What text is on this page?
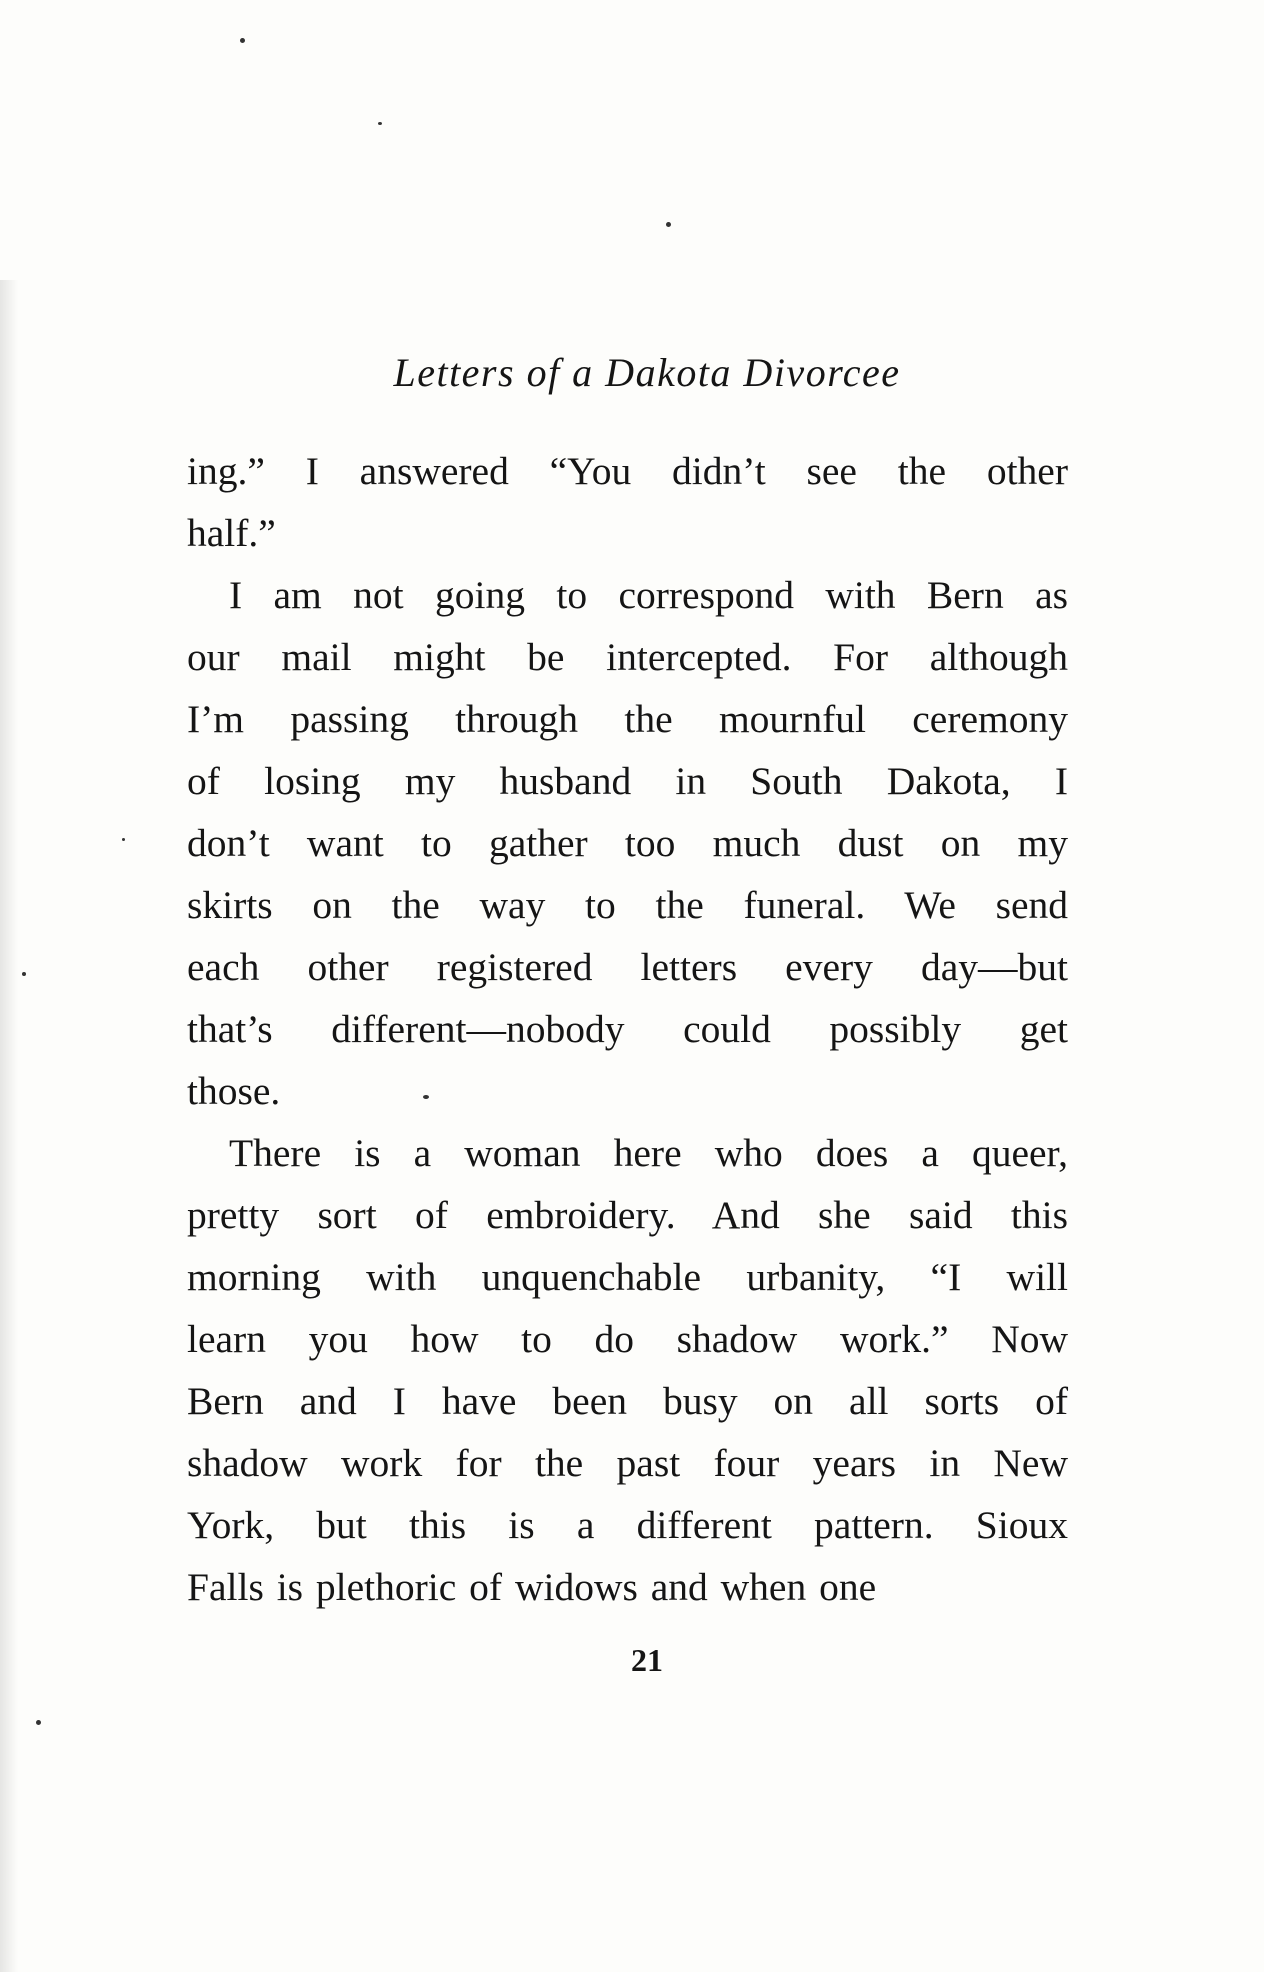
Letters of a Dakota Divorcee

ing.” I answered “You didn’t see the other
half.”

I am not going to correspond with Bern as
our mail might be intercepted. For although
I’m passing through the mournful ceremony
of losing my husband in South Dakota, I
don’t want to gather too much dust on my
skirts on the way to the funeral. We send
each other registered letters every day—but
that’s different—nobody could possibly get
those.

There is a woman here who does a queer,
pretty sort of embroidery. And she said this
morning with unquenchable urbanity, “I will
learn you how to do shadow work.” Now
Bern and I have been busy on all sorts of
shadow work for the past four years in New
York, but this is a different pattern. Sioux
Falls is plethoric of widows and when one

21
